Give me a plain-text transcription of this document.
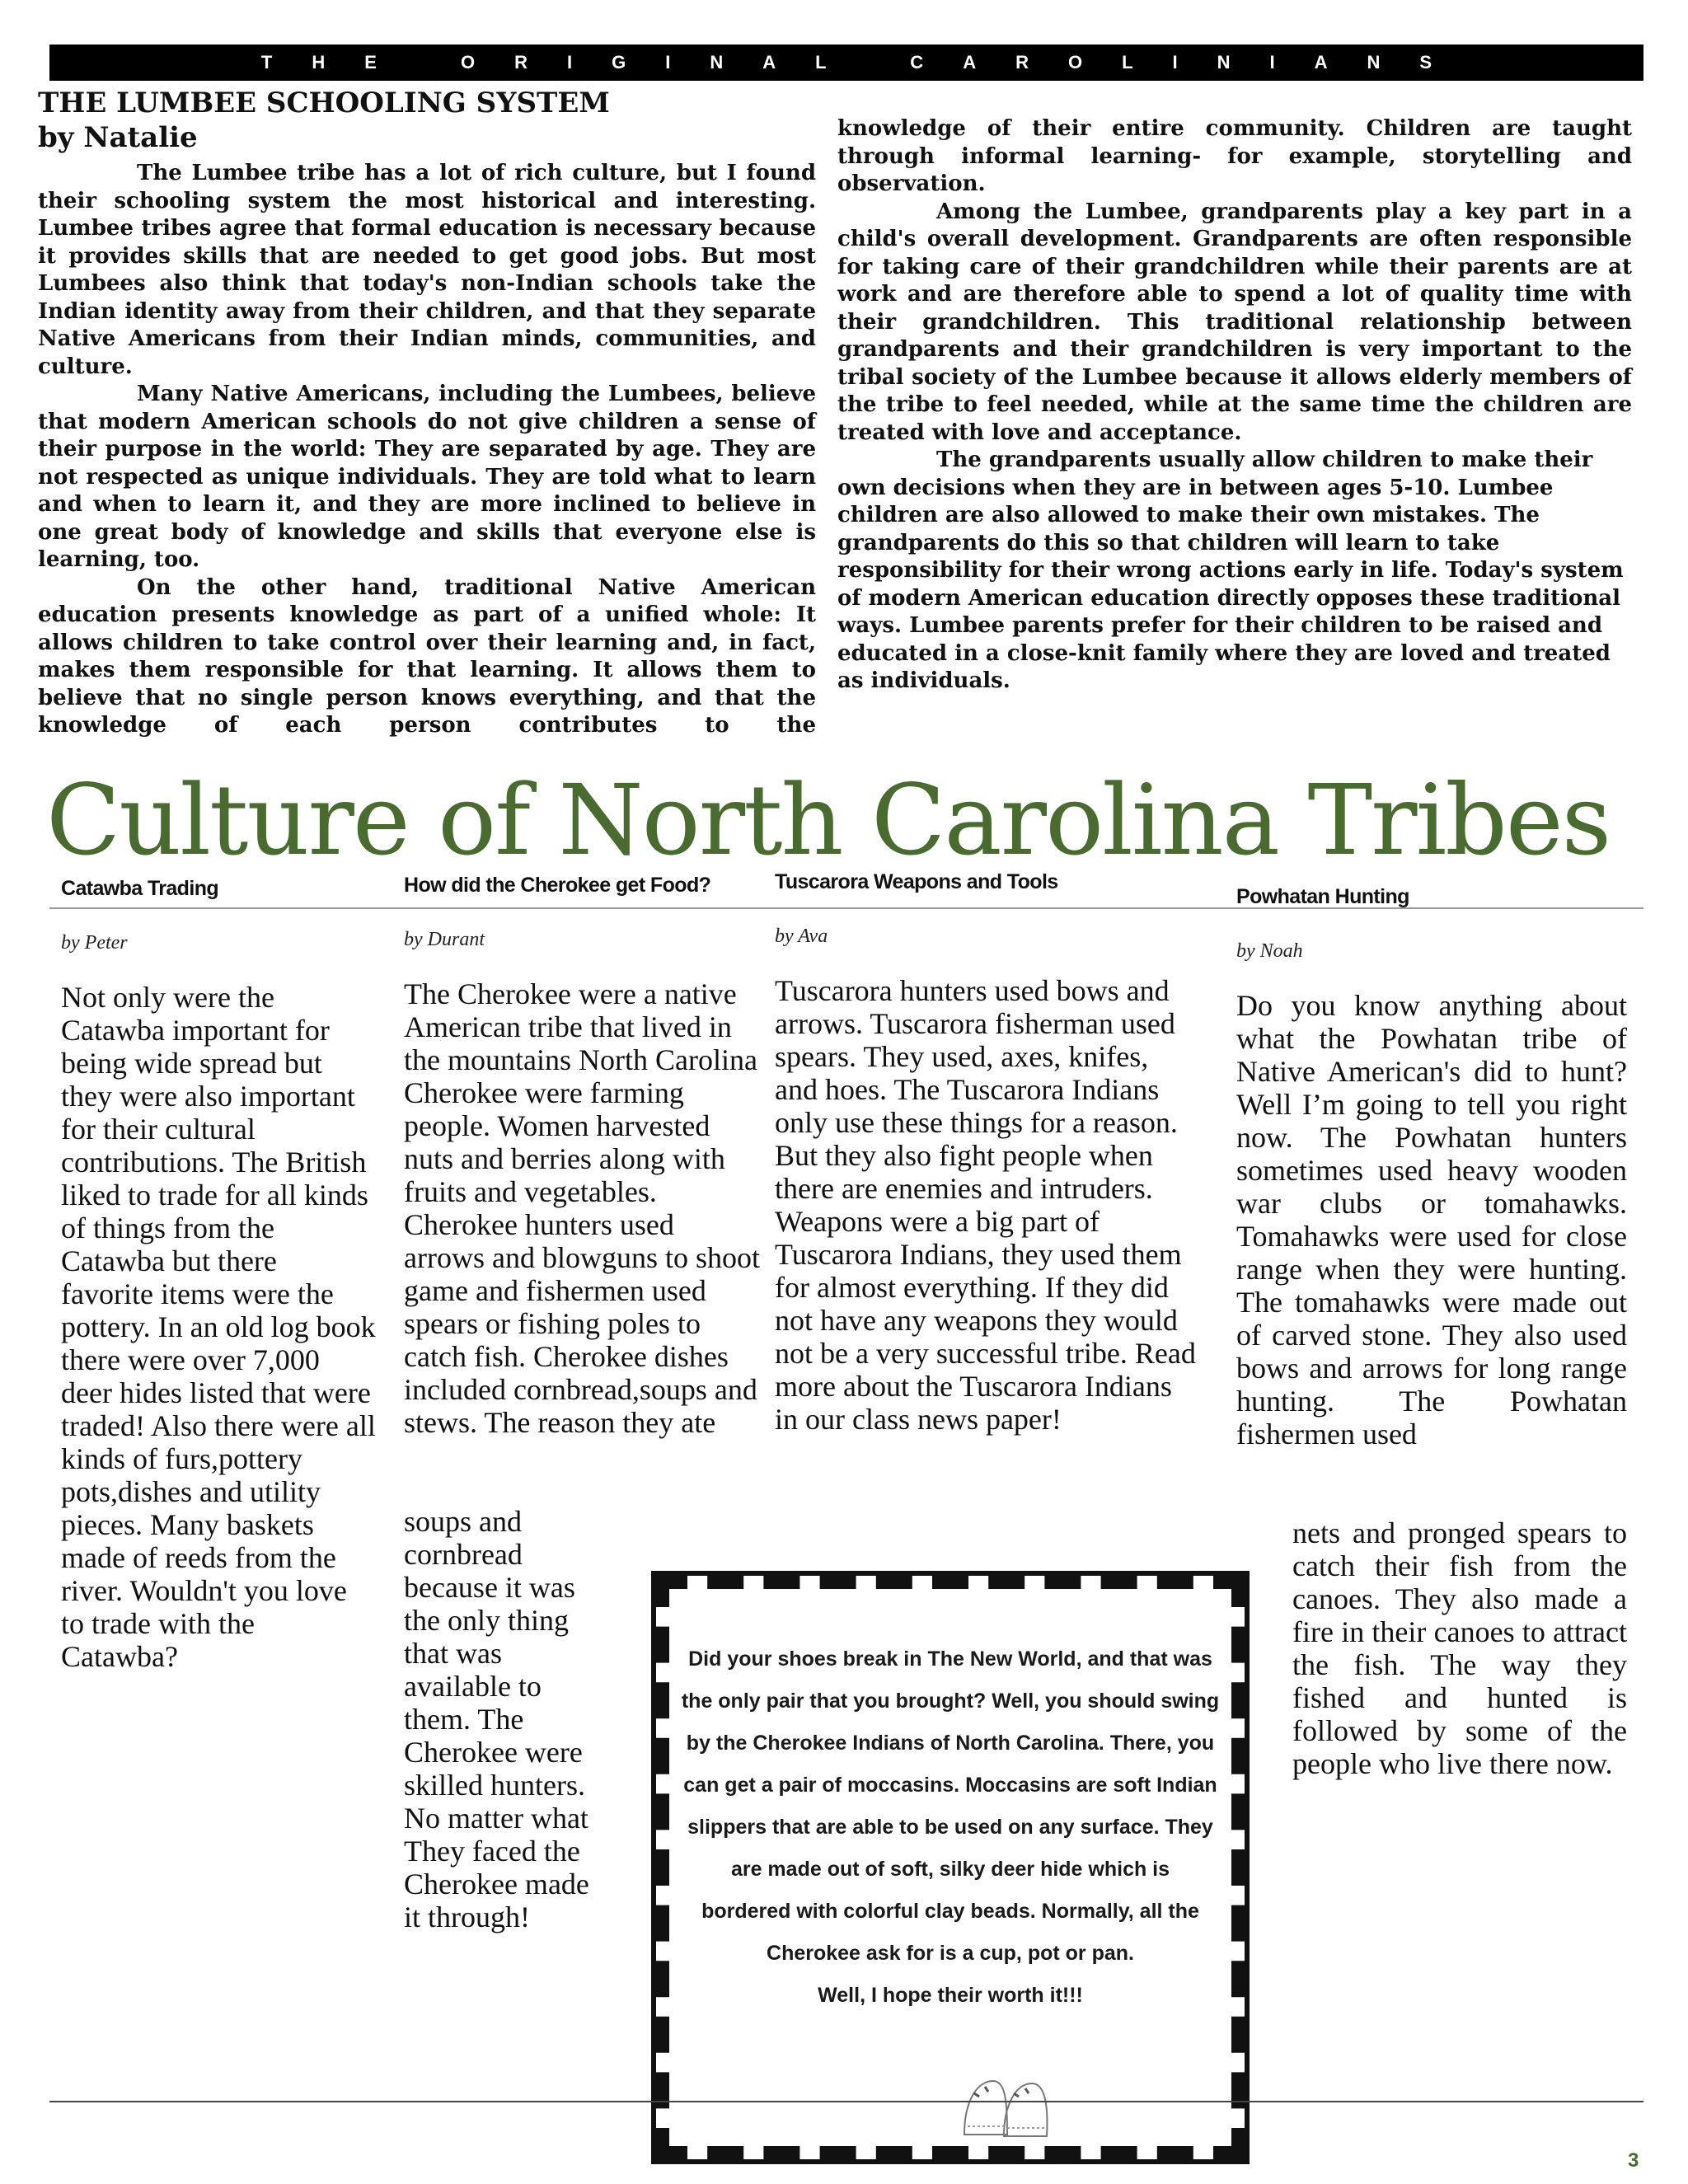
THE ORIGINAL CAROLINIANS
THE LUMBEE SCHOOLING SYSTEM
by Natalie

The Lumbee tribe has a lot of rich culture, but I found their schooling system the most historical and interesting. Lumbee tribes agree that formal education is necessary because it provides skills that are needed to get good jobs. But most Lumbees also think that today's non-Indian schools take the Indian identity away from their children, and that they separate Native Americans from their Indian minds, communities, and culture.

Many Native Americans, including the Lumbees, believe that modern American schools do not give children a sense of their purpose in the world: They are separated by age. They are not respected as unique individuals. They are told what to learn and when to learn it, and they are more inclined to believe in one great body of knowledge and skills that everyone else is learning, too.

On the other hand, traditional Native American education presents knowledge as part of a unified whole: It allows children to take control over their learning and, in fact, makes them responsible for that learning. It allows them to believe that no single person knows everything, and that the knowledge of each person contributes to the

knowledge of their entire community. Children are taught through informal learning- for example, storytelling and observation.

Among the Lumbee, grandparents play a key part in a child's overall development. Grandparents are often responsible for taking care of their grandchildren while their parents are at work and are therefore able to spend a lot of quality time with their grandchildren. This traditional relationship between grandparents and their grandchildren is very important to the tribal society of the Lumbee because it allows elderly members of the tribe to feel needed, while at the same time the children are treated with love and acceptance.

The grandparents usually allow children to make their own decisions when they are in between ages 5-10. Lumbee children are also allowed to make their own mistakes. The grandparents do this so that children will learn to take responsibility for their wrong actions early in life. Today's system of modern American education directly opposes these traditional ways. Lumbee parents prefer for their children to be raised and educated in a close-knit family where they are loved and treated as individuals.

Culture of North Carolina Tribes
Catawba Trading
by Peter
Not only were the Catawba important for being wide spread but they were also important for their cultural contributions. The British liked to trade for all kinds of things from the Catawba but there favorite items were the pottery. In an old log book there were over 7,000 deer hides listed that were traded! Also there were all kinds of furs,pottery pots,dishes and utility pieces. Many baskets made of reeds from the river. Wouldn't you love to trade with the Catawba?
How did the Cherokee get Food?
by Durant
The Cherokee were a native American tribe that lived in the mountains North Carolina Cherokee were farming people. Women harvested nuts and berries along with fruits and vegetables. Cherokee hunters used arrows and blowguns to shoot game and fishermen used spears or fishing poles to catch fish. Cherokee dishes included cornbread,soups and stews. The reason they ate
soups and cornbread because it was the only thing that was available to them. The Cherokee were skilled hunters. No matter what They faced the Cherokee made it through!
Tuscarora Weapons and Tools
by Ava
Tuscarora hunters used bows and arrows. Tuscarora fisherman used spears. They used, axes, knifes, and hoes. The Tuscarora Indians only use these things for a reason. But they also fight people when there are enemies and intruders. Weapons were a big part of Tuscarora Indians, they used them for almost everything. If they did not have any weapons they would not be a very successful tribe. Read more about the Tuscarora Indians in our class news paper!
Powhatan Hunting
by Noah
Do you know anything about what the Powhatan tribe of Native American's did to hunt? Well I’m going to tell you right now. The Powhatan hunters sometimes used heavy wooden war clubs or tomahawks. Tomahawks were used for close range when they were hunting. The tomahawks were made out of carved stone. They also used bows and arrows for long range hunting. The Powhatan fishermen used
nets and pronged spears to catch their fish from the canoes. They also made a fire in their canoes to attract the fish. The way they fished and hunted is followed by some of the people who live there now.
Did your shoes break in The New World, and that was
the only pair that you brought? Well, you should swing
by the Cherokee Indians of North Carolina. There, you
can get a pair of moccasins. Moccasins are soft Indian
slippers that are able to be used on any surface. They
are made out of soft, silky deer hide which is
bordered with colorful clay beads. Normally, all the
Cherokee ask for is a cup, pot or pan.
Well, I hope their worth it!!!
3
